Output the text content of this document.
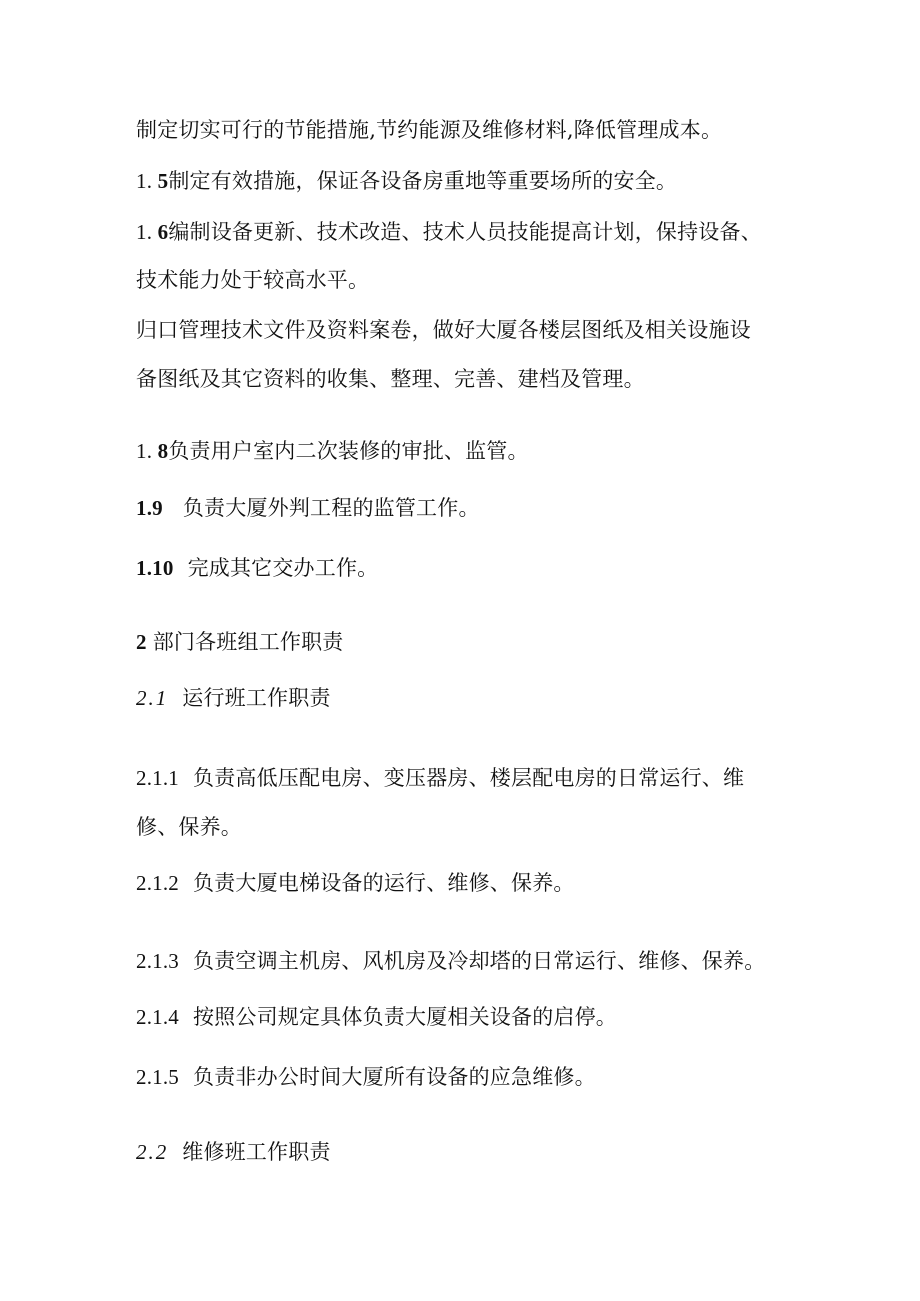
制定切实可行的节能措施,节约能源及维修材料,降低管理成本。
1. 5制定有效措施，保证各设备房重地等重要场所的安全。
1. 6编制设备更新、技术改造、技术人员技能提高计划，保持设备、
技术能力处于较高水平。
归口管理技术文件及资料案卷，做好大厦各楼层图纸及相关设施设
备图纸及其它资料的收集、整理、完善、建档及管理。
1. 8负责用户室内二次装修的审批、监管。
1.9 负责大厦外判工程的监管工作。
1.10 完成其它交办工作。
2 部门各班组工作职责
2.1 运行班工作职责
2.1.1 负责高低压配电房、变压器房、楼层配电房的日常运行、维
修、保养。
2.1.2 负责大厦电梯设备的运行、维修、保养。
2.1.3 负责空调主机房、风机房及冷却塔的日常运行、维修、保养。
2.1.4 按照公司规定具体负责大厦相关设备的启停。
2.1.5 负责非办公时间大厦所有设备的应急维修。
2.2 维修班工作职责
